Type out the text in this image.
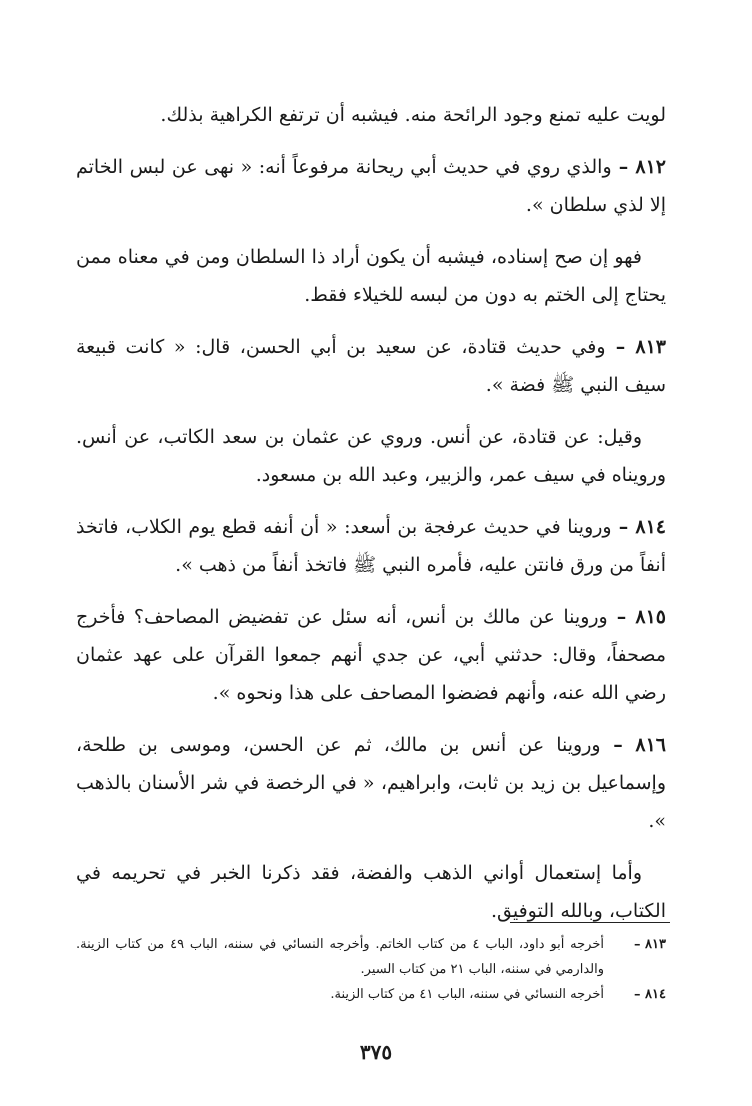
لويت عليه تمنع وجود الرائحة منه. فيشبه أن ترتفع الكراهية بذلك.

٨١٢ – والذي روي في حديث أبي ريحانة مرفوعاً أنه: « نهى عن لبس الخاتم إلا لذي سلطان ».

فهو إن صح إسناده، فيشبه أن يكون أراد ذا السلطان ومن في معناه ممن يحتاج إلى الختم به دون من لبسه للخيلاء فقط.

٨١٣ – وفي حديث قتادة، عن سعيد بن أبي الحسن، قال: « كانت قبيعة سيف النبي ﷺ فضة ».

وقيل: عن قتادة، عن أنس. وروي عن عثمان بن سعد الكاتب، عن أنس. ورويناه في سيف عمر، والزبير، وعبد الله بن مسعود.

٨١٤ – وروينا في حديث عرفجة بن أسعد: « أن أنفه قطع يوم الكلاب، فاتخذ أنفاً من ورق فانتن عليه، فأمره النبي ﷺ فاتخذ أنفاً من ذهب ».

٨١٥ – وروينا عن مالك بن أنس، أنه سئل عن تفضيض المصاحف؟ فأخرج مصحفاً، وقال: حدثني أبي، عن جدي أنهم جمعوا القرآن على عهد عثمان رضي الله عنه، وأنهم فضضوا المصاحف على هذا ونحوه ».

٨١٦ – وروينا عن أنس بن مالك، ثم عن الحسن، وموسى بن طلحة، وإسماعيل بن زيد بن ثابت، وابراهيم، « في الرخصة في شر الأسنان بالذهب ».

وأما إستعمال أواني الذهب والفضة، فقد ذكرنا الخبر في تحريمه في الكتاب، وبالله التوفيق.

٨١٣ –
أخرجه أبو داود، الباب ٤ من كتاب الخاتم. وأخرجه النسائي في سننه، الباب ٤٩ من كتاب الزينة. والدارمي في سننه، الباب ٢١ من كتاب السير.
٨١٤ –
أخرجه النسائي في سننه، الباب ٤١ من كتاب الزينة.
٣٧٥
